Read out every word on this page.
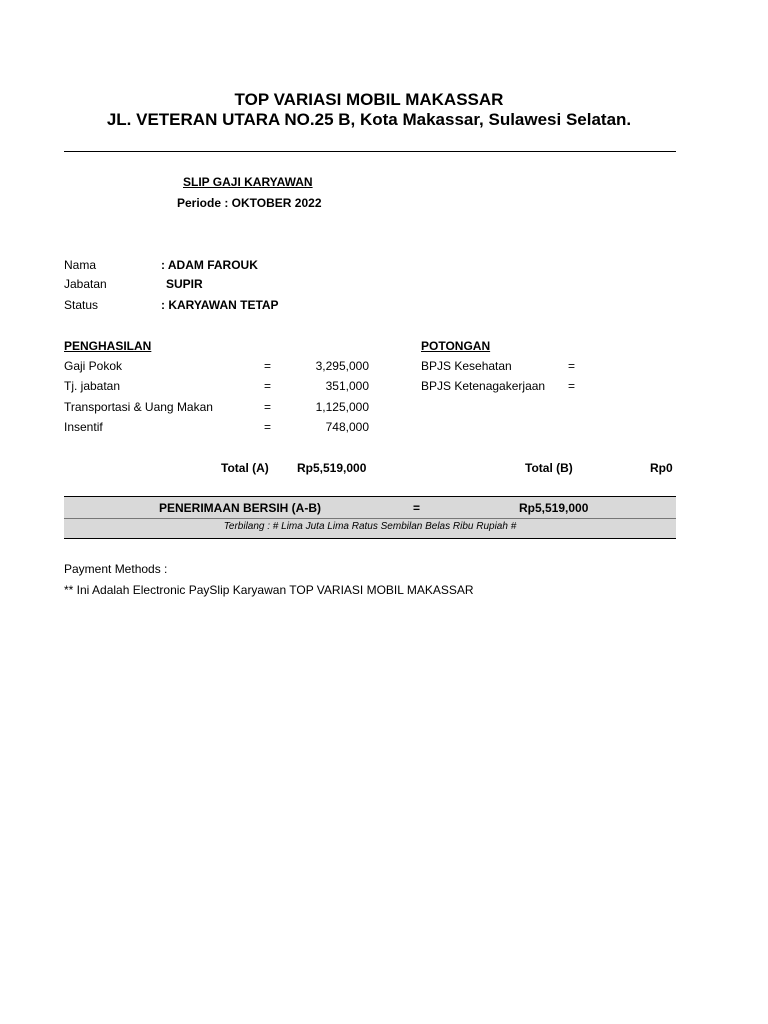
TOP VARIASI MOBIL MAKASSAR
JL. VETERAN UTARA NO.25 B, Kota Makassar, Sulawesi Selatan.
SLIP GAJI KARYAWAN
Periode : OKTOBER 2022
Nama	: ADAM FAROUK
Jabatan	SUPIR
Status	: KARYAWAN TETAP
PENGHASILAN
Gaji Pokok	=	3,295,000
Tj. jabatan	=	351,000
Transportasi & Uang Makan	=	1,125,000
Insentif	=	748,000
Total (A) Rp5,519,000
POTONGAN
BPJS Kesehatan	=
BPJS Ketenagakerjaan =
Total (B)	Rp0
PENERIMAAN BERSIH (A-B)	=	Rp5,519,000
Terbilang : # Lima Juta Lima Ratus Sembilan Belas Ribu Rupiah #
Payment Methods :
** Ini Adalah Electronic PaySlip Karyawan TOP VARIASI MOBIL MAKASSAR
